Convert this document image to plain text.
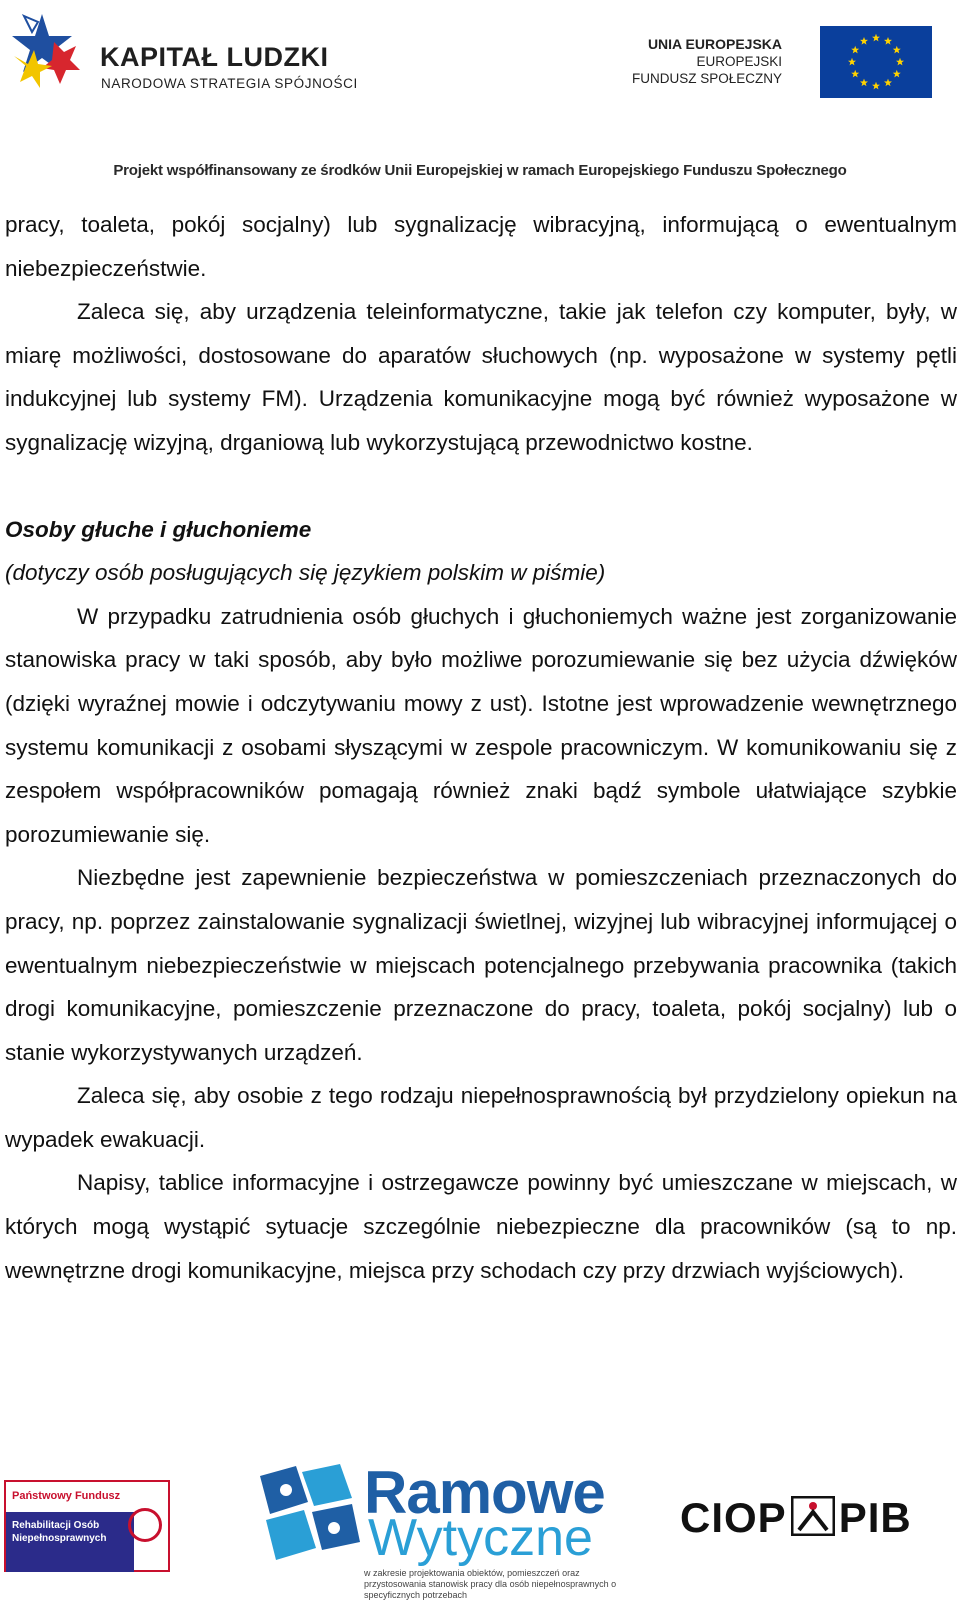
KAPITAŁ LUDZKI
NARODOWA STRATEGIA SPÓJNOŚCI
UNIA EUROPEJSKA
EUROPEJSKI
FUNDUSZ SPOŁECZNY
Projekt współfinansowany ze środków Unii Europejskiej w ramach Europejskiego Funduszu Społecznego

pracy, toaleta, pokój socjalny) lub sygnalizację wibracyjną, informującą o ewentualnym niebezpieczeństwie.

Zaleca się, aby urządzenia teleinformatyczne, takie jak telefon czy komputer, były, w miarę możliwości, dostosowane do aparatów słuchowych (np. wyposażone w systemy pętli indukcyjnej lub systemy FM). Urządzenia komunikacyjne mogą być również wyposażone w sygnalizację wizyjną, drganiową lub wykorzystującą przewodnictwo kostne.

Osoby głuche i głuchonieme

(dotyczy osób posługujących się językiem polskim w piśmie)

W przypadku zatrudnienia osób głuchych i głuchoniemych ważne jest zorganizowanie stanowiska pracy w taki sposób, aby było możliwe porozumiewanie się bez użycia dźwięków (dzięki wyraźnej mowie i odczytywaniu mowy z ust). Istotne jest wprowadzenie wewnętrznego systemu komunikacji z osobami słyszącymi w zespole pracowniczym. W komunikowaniu się z zespołem współpracowników pomagają również znaki bądź symbole ułatwiające szybkie porozumiewanie się.

Niezbędne jest zapewnienie bezpieczeństwa w pomieszczeniach przeznaczonych do pracy, np. poprzez zainstalowanie sygnalizacji świetlnej, wizyjnej lub wibracyjnej informującej o ewentualnym niebezpieczeństwie w miejscach potencjalnego przebywania pracownika (takich drogi komunikacyjne, pomieszczenie przeznaczone do pracy, toaleta, pokój socjalny) lub o stanie wykorzystywanych urządzeń.

Zaleca się, aby osobie z tego rodzaju niepełnosprawnością był przydzielony opiekun na wypadek ewakuacji.

Napisy, tablice informacyjne i ostrzegawcze powinny być umieszczane w miejscach, w których mogą wystąpić sytuacje szczególnie niebezpieczne dla pracowników (są to np. wewnętrzne drogi komunikacyjne, miejsca przy schodach czy przy drzwiach wyjściowych).

Państwowy Fundusz
Rehabilitacji Osób Niepełnosprawnych
Ramowe
Wytyczne
w zakresie projektowania obiektów, pomieszczeń oraz przystosowania stanowisk pracy dla osób niepełnosprawnych o specyficznych potrzebach
CIOP PIB
